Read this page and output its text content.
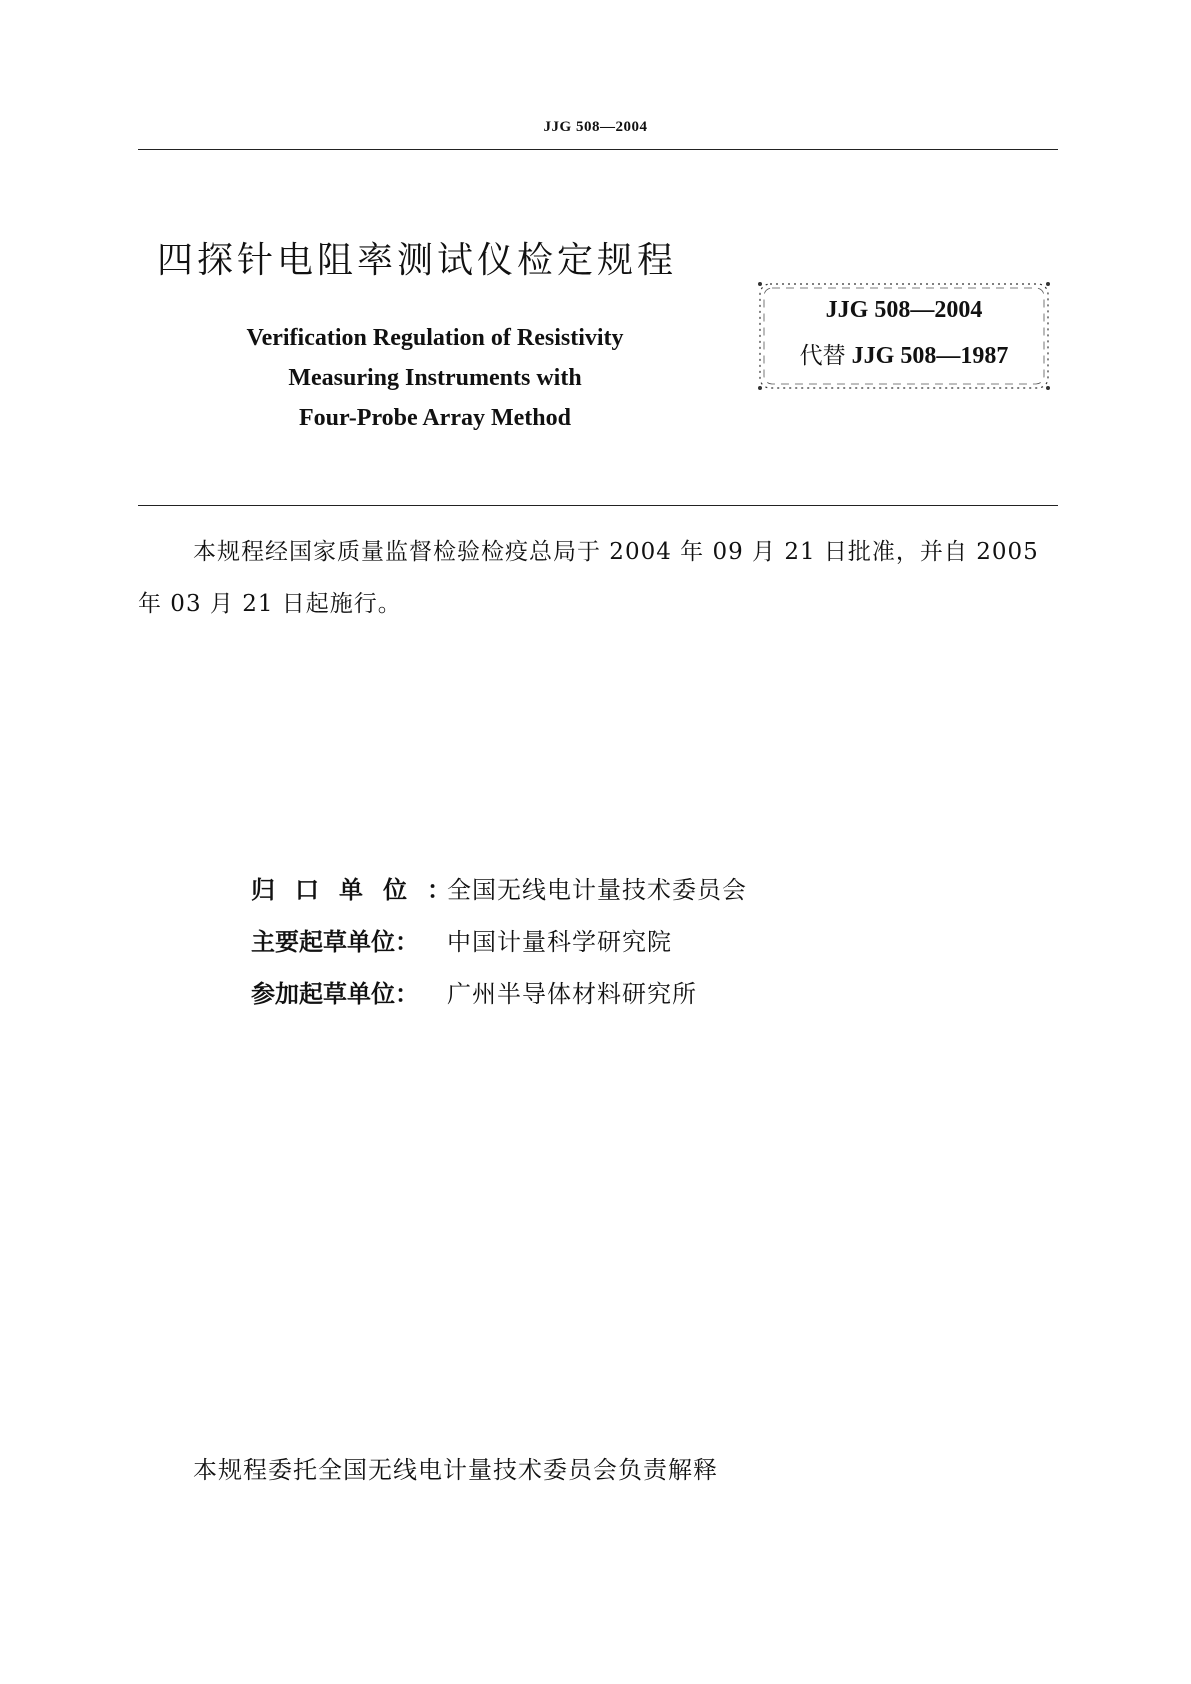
JJG 508—2004
四探针电阻率测试仪检定规程
Verification Regulation of Resistivity
Measuring Instruments with
Four-Probe Array Method
JJG 508—2004
代替 JJG 508—1987
本规程经国家质量监督检验检疫总局于 2004 年 09 月 21 日批准，并自 2005 年 03 月 21 日起施行。
归口单位：全国无线电计量技术委员会
主要起草单位： 中国计量科学研究院
参加起草单位： 广州半导体材料研究所
本规程委托全国无线电计量技术委员会负责解释
